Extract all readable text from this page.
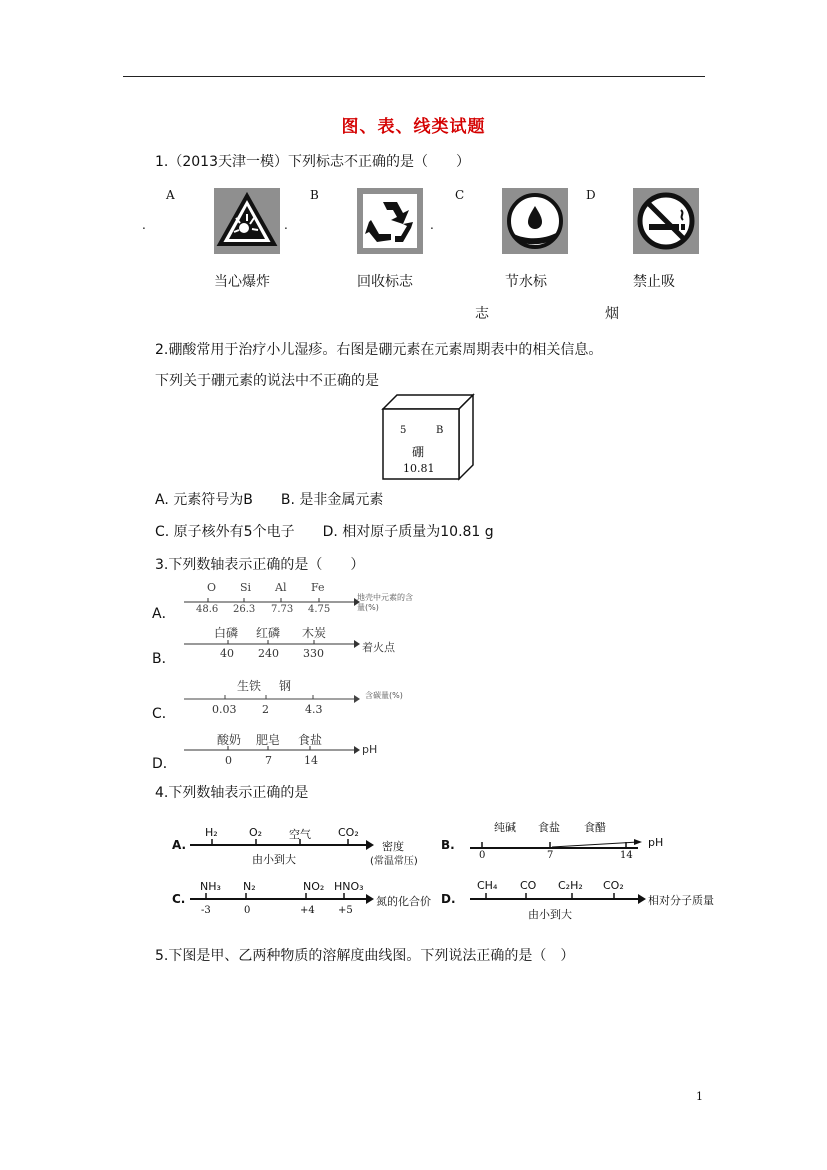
图、表、线类试题
1.（2013天津一模）下列标志不正确的是（　　）
A	B	C	D
.	.	.
当心爆炸	回收标志	节水标	禁止吸
志	烟
2.硼酸常用于治疗小儿湿疹。右图是硼元素在元素周期表中的相关信息。
下列关于硼元素的说法中不正确的是
5	B
硼
10.81
A. 元素符号为B　　B. 是非金属元素
C. 原子核外有5个电子　　D. 相对原子质量为10.81 g
3.下列数轴表示正确的是（　　）
A．
O Si Al Fe
48.6 26.3 7.73 4.75
地壳中元素的含量(%)
B．
白磷 红磷 木炭
40 240 330	着火点
C．
生铁 钢
0.03 2	4.3
含碳量(%)
D．
酸奶 肥皂 食盐
0	7	14
pH
4.下列数轴表示正确的是
A.
H₂	O₂ 空气 CO₂
由小到大
密度
(常温常压)
B.
纯碱 食盐 食醋
0	7	14
pH
C.
NH₃ N₂	NO₂ HNO₃
-3	0	+4 +5
氮的化合价 D.
CH₄ CO C₂H₂ CO₂
由小到大
相对分子质量
5.下图是甲、乙两种物质的溶解度曲线图。下列说法正确的是（　）
1
